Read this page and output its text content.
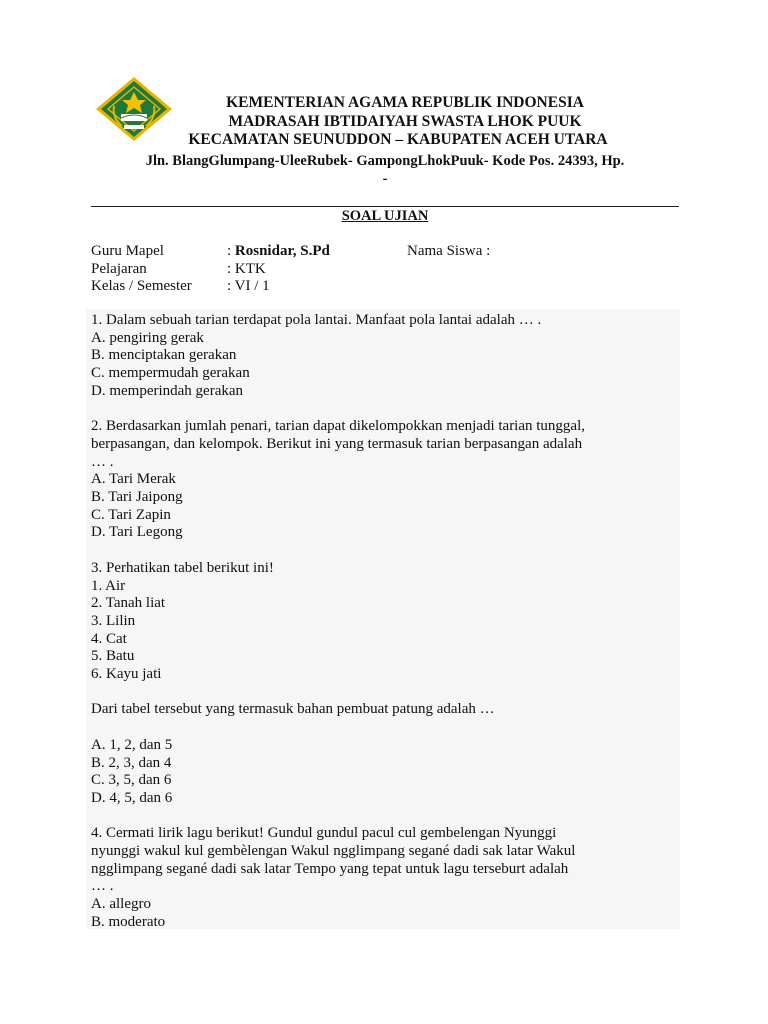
KEMENTERIAN AGAMA REPUBLIK INDONESIA
MADRASAH IBTIDAIYAH SWASTA LHOK PUUK
KECAMATAN SEUNUDDON – KABUPATEN ACEH UTARA
Jln. BlangGlumpang-UleeRubek- GampongLhokPuuk- Kode Pos. 24393, Hp.
-
SOAL UJIAN
Guru Mapel	: Rosnidar, S.Pd	Nama Siswa :
Pelajaran	: KTK
Kelas / Semester : VI / 1
1. Dalam sebuah tarian terdapat pola lantai. Manfaat pola lantai adalah … .
A. pengiring gerak
B. menciptakan gerakan
C. mempermudah gerakan
D. memperindah gerakan
2. Berdasarkan jumlah penari, tarian dapat dikelompokkan menjadi tarian tunggal,
berpasangan, dan kelompok. Berikut ini yang termasuk tarian berpasangan adalah
… .
A. Tari Merak
B. Tari Jaipong
C. Tari Zapin
D. Tari Legong
3. Perhatikan tabel berikut ini!
1. Air
2. Tanah liat
3. Lilin
4. Cat
5. Batu
6. Kayu jati
Dari tabel tersebut yang termasuk bahan pembuat patung adalah …
A. 1, 2, dan 5
B. 2, 3, dan 4
C. 3, 5, dan 6
D. 4, 5, dan 6
4. Cermati lirik lagu berikut! Gundul gundul pacul cul gembelengan Nyunggi
nyunggi wakul kul gembèlengan Wakul ngglimpang segané dadi sak latar Wakul
ngglimpang segané dadi sak latar Tempo yang tepat untuk lagu terseburt adalah
… .
A. allegro
B. moderato
